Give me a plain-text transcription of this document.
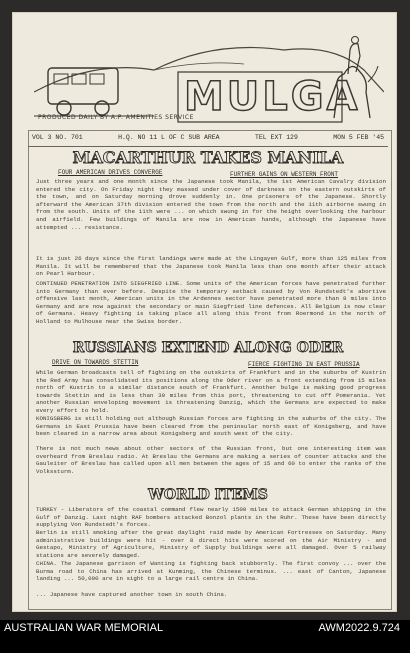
MULGA
PRODUCED DAILY BY A.P. AMENITIES SERVICE
VOL 3 NO. 701	H.Q. NO 11 L OF C SUB AREA	TEL EXT 129	MON 5 FEB '45
MACARTHUR TAKES MANILA
FOUR AMERICAN DRIVES CONVERGE	FURTHER GAINS ON WESTERN FRONT
Just three years and one month since the Japanese took Manila, the 1st American Cavalry division entered the city. On Friday night they massed under cover of darkness on the eastern outskirts of the town, and on Saturday morning drove suddenly in. One prisoners of the Japanese. Shortly afterward the American 37th division entered the town from the north and the 11th airborne swung in from the south. Units of the 11th were ... on which swung in for the height overlooking the harbour and airfield. Few buildings of Manila are now in American hands, although the Japanese have attempted ... resistance.
It is just 26 days since the first landings were made at the Lingayen Gulf, more than 125 miles from Manila. It will be remembered that the Japanese took Manila less than one month after their attack on Pearl Harbour.
CONTINUED PENETRATION INTO SIEGFRIED LINE. Some units of the American forces have penetrated further into Germany than ever before. Despite the temporary setback caused by Von Rundstedt's abortive offensive last month, American units in the Ardennes sector have penetrated more than 8 miles into Germany and are now against the secondary or main Siegfried line defences. All Belgium is now clear of Germans. Heavy fighting is taking place all along this front from Roermond in the north of Holland to Mulhouse near the Swiss border.
RUSSIANS EXTEND ALONG ODER
DRIVE ON TOWARDS STETTIN	FIERCE FIGHTING IN EAST PRUSSIA
While German broadcasts tell of fighting on the outskirts of Frankfurt and in the suburbs of Kustrin the Red Army has consolidated its positions along the Oder river on a front extending from 15 miles north of Kustrin to a similar distance south of Frankfurt. Another bulge is making good progress towards Stettin and is less than 30 miles from this port, threatening to cut off Pomerania. Yet another Russian enveloping movement is threatening Danzig, which the Germans are expected to make every effort to hold.
KONIGSBERG is still holding out although Russian forces are fighting in the suburbs of the city. The Germans in East Prussia have been cleared from the peninsular north east of Konigsberg, and have been cleared in a narrow area about Konigsberg and south west of the city.
There is not much news about other sectors of the Russian front, but one interesting item was overheard from Breslau radio. At Breslau the Germans are making a series of counter attacks and the Gauleiter of Breslau has called upon all men between the ages of 15 and 60 to enter the ranks of the Volkssturm.
WORLD ITEMS
TURKEY - Liberators of the coastal command flew nearly 1500 miles to attack German shipping in the Gulf of Danzig. Last night RAF bombers attacked Bonzol plants in the Ruhr. These have been directly supplying Von Rundstedt's forces.
Berlin is still smoking after the great daylight raid made by American Fortresses on Saturday. Many administrative buildings were hit - over 8 direct hits were scored on the Air Ministry - and Gestapo, Ministry of Agriculture, Ministry of Supply buildings were all damaged. Over 5 railway stations are severely damaged.
CHINA. The Japanese garrison of Wanting is fighting back stubbornly. The first convoy ... over the Burma road to China has arrived at Kunming, the Chinese terminus. ... east of Canton, Japanese landing ... 50,000 are in sight to a large rail centre in China.
... Japanese have captured another town in south China.
AUSTRALIAN WAR MEMORIAL	AWM2022.9.724
